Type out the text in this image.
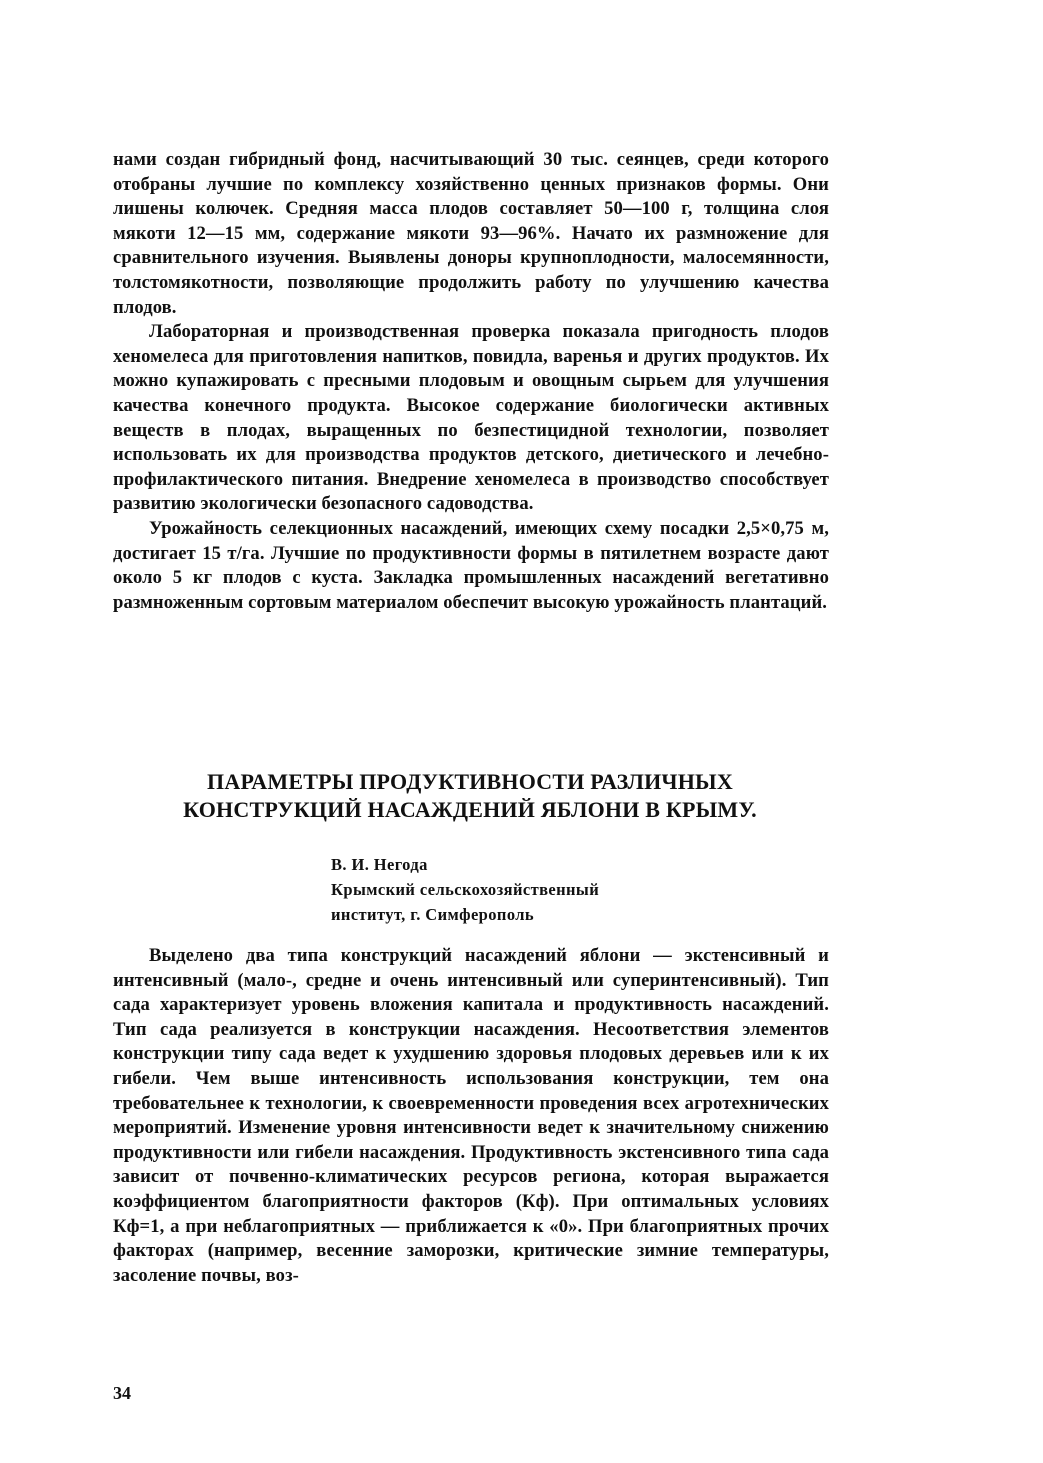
нами создан гибридный фонд, насчитывающий 30 тыс. сеянцев, среди которого отобраны лучшие по комплексу хозяйственно ценных признаков формы. Они лишены колючек. Средняя масса плодов составляет 50—100 г, толщина слоя мякоти 12—15 мм, содержание мякоти 93—96%. Начато их размножение для сравнительного изучения. Выявлены доноры крупноплодности, малосемянности, толстомякотности, позволяющие продолжить работу по улучшению качества плодов.

Лабораторная и производственная проверка показала пригодность плодов хеномелеса для приготовления напитков, повидла, варенья и других продуктов. Их можно купажировать с пресными плодовым и овощным сырьем для улучшения качества конечного продукта. Высокое содержание биологически активных веществ в плодах, выращенных по безпестицидной технологии, позволяет использовать их для производства продуктов детского, диетического и лечебно-профилактического питания. Внедрение хеномелеса в производство способствует развитию экологически безопасного садоводства.

Урожайность селекционных насаждений, имеющих схему посадки 2,5×0,75 м, достигает 15 т/га. Лучшие по продуктивности формы в пятилетнем возрасте дают около 5 кг плодов с куста. Закладка промышленных насаждений вегетативно размноженным сортовым материалом обеспечит высокую урожайность плантаций.

ПАРАМЕТРЫ ПРОДУКТИВНОСТИ РАЗЛИЧНЫХ
КОНСТРУКЦИЙ НАСАЖДЕНИЙ ЯБЛОНИ В КРЫМУ.
В. И. Негода
Крымский сельскохозяйственный
институт, г. Симферополь

Выделено два типа конструкций насаждений яблони — экстенсивный и интенсивный (мало-, средне и очень интенсивный или суперинтенсивный). Тип сада характеризует уровень вложения капитала и продуктивность насаждений. Тип сада реализуется в конструкции насаждения. Несоответствия элементов конструкции типу сада ведет к ухудшению здоровья плодовых деревьев или к их гибели. Чем выше интенсивность использования конструкции, тем она требовательнее к технологии, к своевременности проведения всех агротехнических мероприятий. Изменение уровня интенсивности ведет к значительному снижению продуктивности или гибели насаждения. Продуктивность экстенсивного типа сада зависит от почвенно-климатических ресурсов региона, которая выражается коэффициентом благоприятности факторов (Кф). При оптимальных условиях Кф=1, а при неблагоприятных — приближается к «0». При благоприятных прочих факторах (например, весенние заморозки, критические зимние температуры, засоление почвы, воз-

34
